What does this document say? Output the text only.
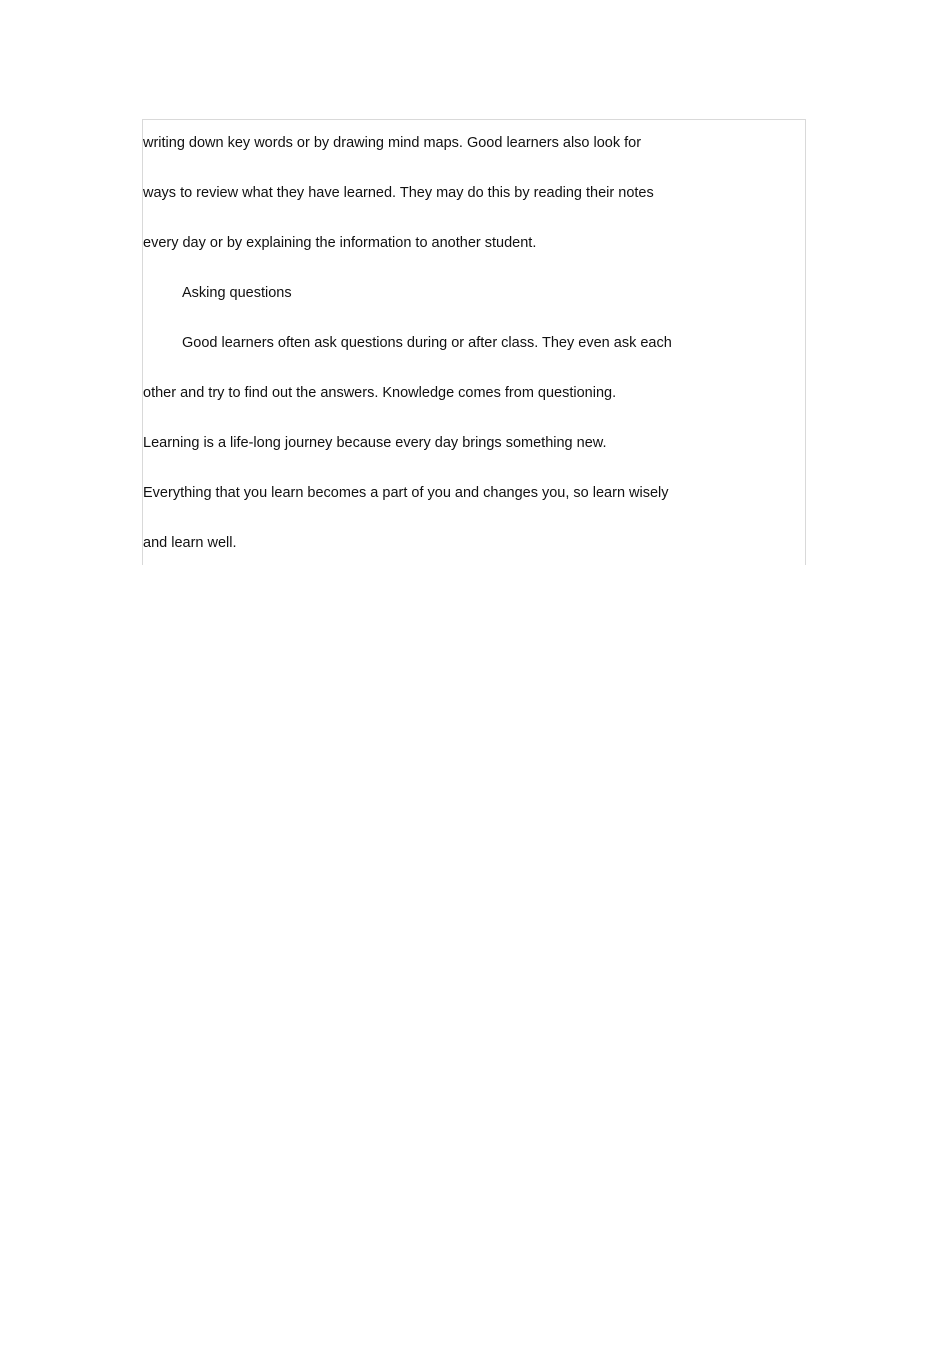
writing down key words or by drawing mind maps. Good learners also look for
ways to review what they have learned. They may do this by reading their notes
every day or by explaining the information to another student.
Asking questions
Good learners often ask questions during or after class. They even ask each
other and try to find out the answers. Knowledge comes from questioning.
Learning is a life-long journey because every day brings something new.
Everything that you learn becomes a part of you and changes you, so learn wisely
and learn well.
